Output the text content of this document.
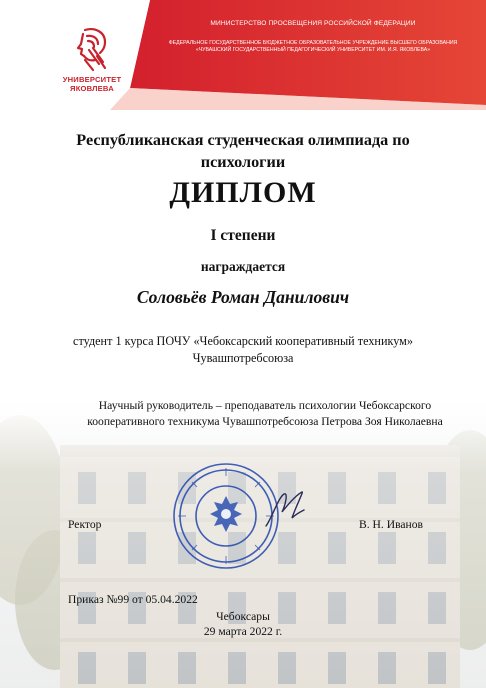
МИНИСТЕРСТВО ПРОСВЕЩЕНИЯ РОССИЙСКОЙ ФЕДЕРАЦИИ
ФЕДЕРАЛЬНОЕ ГОСУДАРСТВЕННОЕ БЮДЖЕТНОЕ ОБРАЗОВАТЕЛЬНОЕ УЧРЕЖДЕНИЕ ВЫСШЕГО ОБРАЗОВАНИЯ
«ЧУВАШСКИЙ ГОСУДАРСТВЕННЫЙ ПЕДАГОГИЧЕСКИЙ УНИВЕРСИТЕТ ИМ. И.Я. ЯКОВЛЕВА»
УНИВЕРСИТЕТ
ЯКОВЛЕВА
Республиканская студенческая олимпиада по психологии
ДИПЛОМ
I степени
награждается
Соловьёв Роман Данилович
студент 1 курса ПОЧУ «Чебоксарский кооперативный техникум»
Чувашпотребсоюза
Научный руководитель – преподаватель психологии Чебоксарского
кооперативного техникума Чувашпотребсоюза Петрова Зоя Николаевна
Ректор	В. Н. Иванов
Приказ №99 от 05.04.2022
Чебоксары
29 марта 2022 г.
